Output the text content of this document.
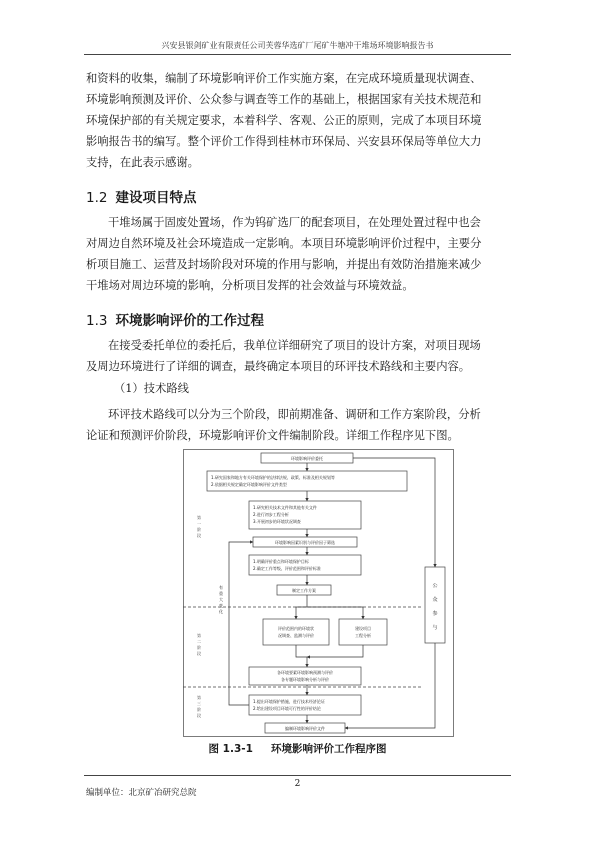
兴安县银剑矿业有限责任公司芙蓉华选矿厂尾矿牛塘冲干堆场环境影响报告书

和资料的收集，编制了环境影响评价工作实施方案，在完成环境质量现状调查、

环境影响预测及评价、公众参与调查等工作的基础上，根据国家有关技术规范和

环境保护部的有关规定要求，本着科学、客观、公正的原则，完成了本项目环境

影响报告书的编写。整个评价工作得到桂林市环保局、兴安县环保局等单位大力

支持，在此表示感谢。

1.2 建设项目特点

干堆场属于固废处置场，作为钨矿选厂的配套项目，在处理处置过程中也会

对周边自然环境及社会环境造成一定影响。本项目环境影响评价过程中，主要分

析项目施工、运营及封场阶段对环境的作用与影响，并提出有效防治措施来减少

干堆场对周边环境的影响，分析项目发挥的社会效益与环境效益。

1.3 环境影响评价的工作过程

在接受委托单位的委托后，我单位详细研究了项目的设计方案，对项目现场

及周边环境进行了详细的调查，最终确定本项目的环评技术路线和主要内容。

（1）技术路线

环评技术路线可以分为三个阶段，即前期准备、调研和工作方案阶段，分析

论证和预测评价阶段，环境影响评价文件编制阶段。详细工作程序见下图。

环境影响评价委托
1.研究国家和地方有关环境保护的法律法规、政策、标准及相关规划等
2.依据相关规定确定环境影响评价文件类型
1.研究相关技术文件和其他有关文件
2.进行初步工程分析
3.开展初步的环境状况调查
环境影响因素识别与评价因子筛选
1.明确评价重点和环境保护目标
2.确定工作等级、评价范围和评价标准
制定工作方案
评价范围内的环境状
况调查、监测与评价
建设项目
工程分析
各环境要素环境影响预测与评价
各专题环境影响分析与评价
1.提出环境保护措施，进行技术经济论证
2.给出建设项目环境可行性的评价结论
编制环境影响评价文件
公
众
参
与
有
重
大
变
化
第
一
阶
段
第
二
阶
段
第
三
阶
段
图 1.3-1 环境影响评价工作程序图
2
编制单位：北京矿冶研究总院
